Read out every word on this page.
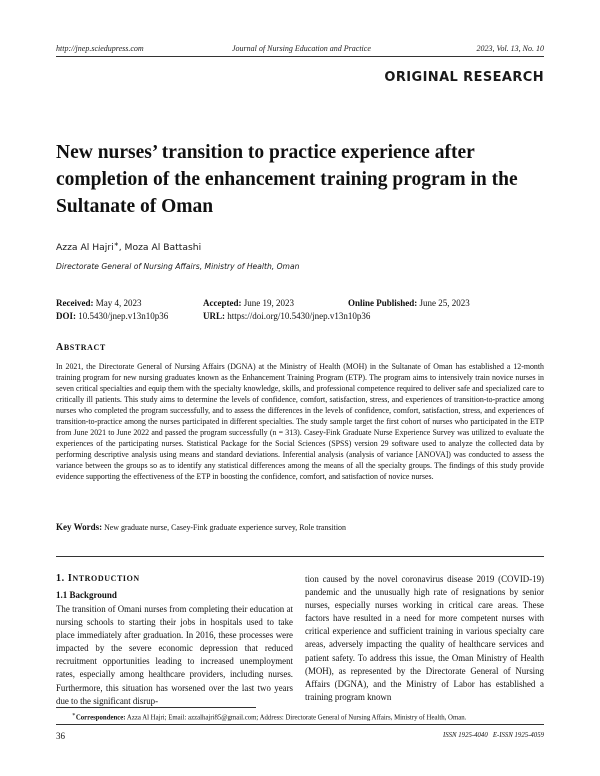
http://jnep.sciedupress.com	Journal of Nursing Education and Practice	2023, Vol. 13, No. 10
ORIGINAL RESEARCH
New nurses’ transition to practice experience after completion of the enhancement training program in the Sultanate of Oman
Azza Al Hajri∗, Moza Al Battashi
Directorate General of Nursing Affairs, Ministry of Health, Oman
Received: May 4, 2023	Accepted: June 19, 2023	Online Published: June 25, 2023
DOI: 10.5430/jnep.v13n10p36	URL: https://doi.org/10.5430/jnep.v13n10p36
ABSTRACT
In 2021, the Directorate General of Nursing Affairs (DGNA) at the Ministry of Health (MOH) in the Sultanate of Oman has established a 12-month training program for new nursing graduates known as the Enhancement Training Program (ETP). The program aims to intensively train novice nurses in seven critical specialties and equip them with the specialty knowledge, skills, and professional competence required to deliver safe and specialized care to critically ill patients. This study aims to determine the levels of confidence, comfort, satisfaction, stress, and experiences of transition-to-practice among nurses who completed the program successfully, and to assess the differences in the levels of confidence, comfort, satisfaction, stress, and experiences of transition-to-practice among the nurses participated in different specialties. The study sample target the first cohort of nurses who participated in the ETP from June 2021 to June 2022 and passed the program successfully (n = 313). Casey-Fink Graduate Nurse Experience Survey was utilized to evaluate the experiences of the participating nurses. Statistical Package for the Social Sciences (SPSS) version 29 software used to analyze the collected data by performing descriptive analysis using means and standard deviations. Inferential analysis (analysis of variance [ANOVA]) was conducted to assess the variance between the groups so as to identify any statistical differences among the means of all the specialty groups. The findings of this study provide evidence supporting the effectiveness of the ETP in boosting the confidence, comfort, and satisfaction of novice nurses.
Key Words: New graduate nurse, Casey-Fink graduate experience survey, Role transition
1. INTRODUCTION
1.1 Background
The transition of Omani nurses from completing their education at nursing schools to starting their jobs in hospitals used to take place immediately after graduation. In 2016, these processes were impacted by the severe economic depression that reduced recruitment opportunities leading to increased unemployment rates, especially among healthcare providers, including nurses. Furthermore, this situation has worsened over the last two years due to the significant disrup-
tion caused by the novel coronavirus disease 2019 (COVID-19) pandemic and the unusually high rate of resignations by senior nurses, especially nurses working in critical care areas. These factors have resulted in a need for more competent nurses with critical experience and sufficient training in various specialty care areas, adversely impacting the quality of healthcare services and patient safety. To address this issue, the Oman Ministry of Health (MOH), as represented by the Directorate General of Nursing Affairs (DGNA), and the Ministry of Labor has established a training program known
∗Correspondence: Azza Al Hajri; Email: azzalhajri85@gmail.com; Address: Directorate General of Nursing Affairs, Ministry of Health, Oman.
36	ISSN 1925-4040   E-ISSN 1925-4059
